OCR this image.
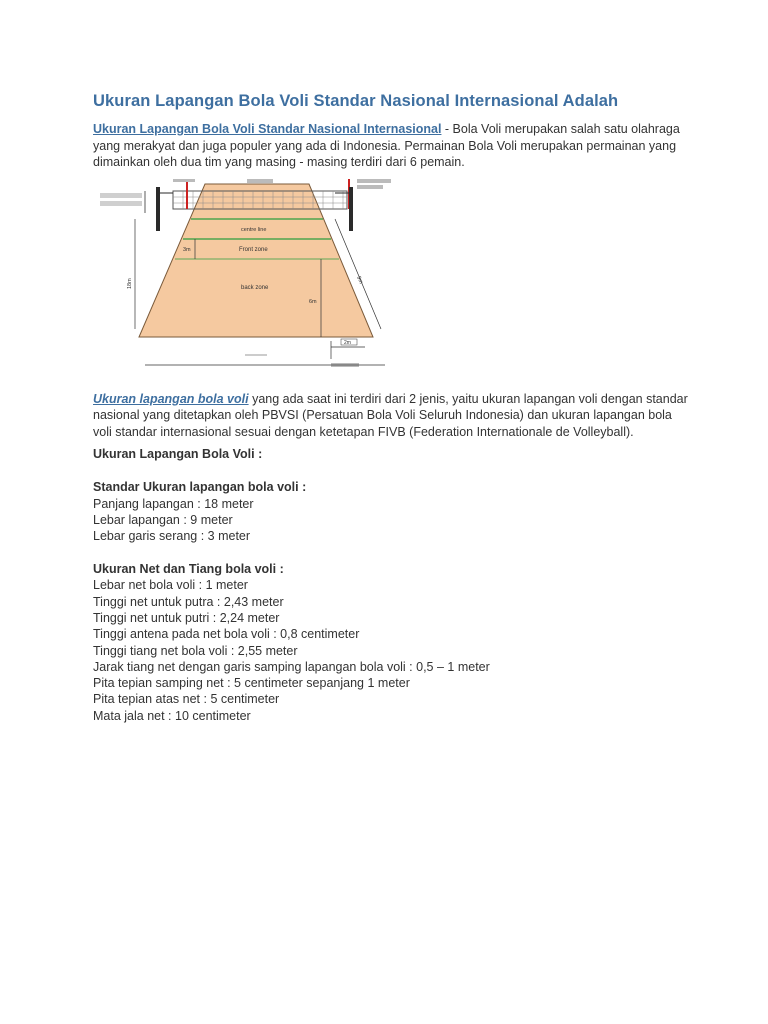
Ukuran Lapangan Bola Voli Standar Nasional Internasional Adalah

Ukuran Lapangan Bola Voli Standar Nasional Internasional - Bola Voli merupakan salah satu olahraga yang merakyat dan juga populer yang ada di Indonesia. Permainan Bola Voli merupakan permainan yang dimainkan oleh dua tim yang masing - masing terdiri dari 6 pemain.

centre line
Front zone
back zone
3m
6m
9m
18m
2m

Ukuran lapangan bola voli yang ada saat ini terdiri dari 2 jenis, yaitu ukuran lapangan voli dengan standar nasional yang ditetapkan oleh PBVSI (Persatuan Bola Voli Seluruh Indonesia) dan ukuran lapangan bola voli standar internasional sesuai dengan ketetapan FIVB (Federation Internationale de Volleyball).

Ukuran Lapangan Bola Voli :

Standar Ukuran lapangan bola voli :

Panjang lapangan : 18 meter
Lebar lapangan : 9 meter
Lebar garis serang : 3 meter

Ukuran Net dan Tiang bola voli :

Lebar net bola voli : 1 meter
Tinggi net untuk putra : 2,43 meter
Tinggi net untuk putri : 2,24 meter
Tinggi antena pada net bola voli : 0,8 centimeter
Tinggi tiang net bola voli : 2,55 meter
Jarak tiang net dengan garis samping lapangan bola voli : 0,5 – 1 meter
Pita tepian samping net : 5 centimeter sepanjang 1 meter
Pita tepian atas net : 5 centimeter
Mata jala net : 10 centimeter
